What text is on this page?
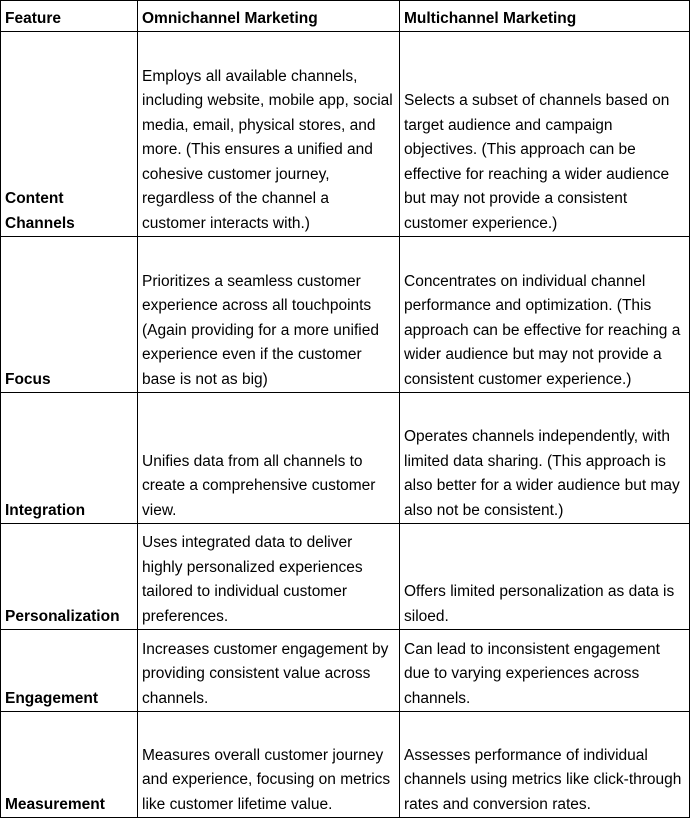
Feature	Omnichannel Marketing	Multichannel Marketing
Content Channels	Employs all available channels, including website, mobile app, social media, email, physical stores, and more. (This ensures a unified and cohesive customer journey, regardless of the channel a customer interacts with.)	Selects a subset of channels based on target audience and campaign objectives. (This approach can be effective for reaching a wider audience but may not provide a consistent customer experience.)
Focus	Prioritizes a seamless customer experience across all touchpoints (Again providing for a more unified experience even if the customer base is not as big)	Concentrates on individual channel performance and optimization. (This approach can be effective for reaching a wider audience but may not provide a consistent customer experience.)
Integration	Unifies data from all channels to create a comprehensive customer view.	Operates channels independently, with limited data sharing. (This approach is also better for a wider audience but may also not be consistent.)
Personalization	Uses integrated data to deliver highly personalized experiences tailored to individual customer preferences.	Offers limited personalization as data is siloed.
Engagement	Increases customer engagement by providing consistent value across channels.	Can lead to inconsistent engagement due to varying experiences across channels.
Measurement	Measures overall customer journey and experience, focusing on metrics like customer lifetime value.	Assesses performance of individual channels using metrics like click-through rates and conversion rates.
